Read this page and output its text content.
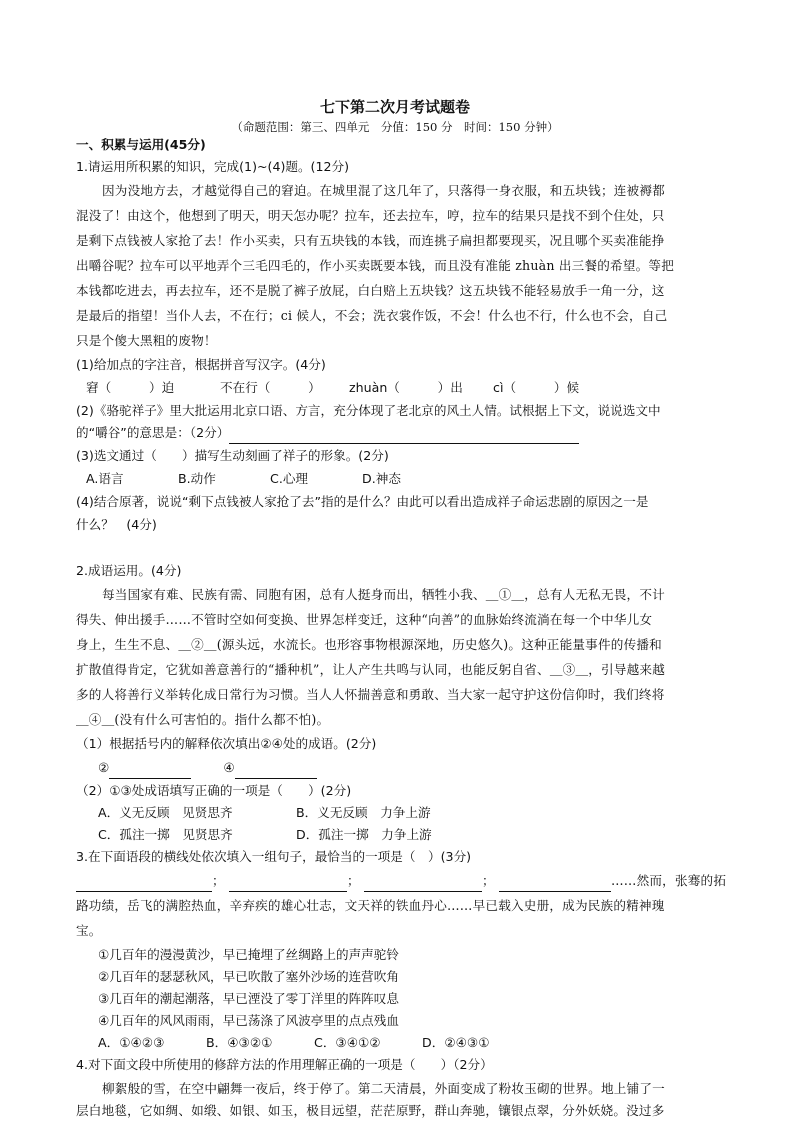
七下第二次月考试题卷
（命题范围：第三、四单元　分值：150 分　时间：150 分钟）
一、积累与运用(45分)
1.请运用所积累的知识，完成(1)~(4)题。(12分)
因为没地方去，才越觉得自己的窘迫。在城里混了这几年了，只落得一身衣服，和五块钱；连被褥都
混没了！由这个，他想到了明天，明天怎办呢？拉车，还去拉车，哼，拉车的结果只是找不到个住处，只
是剩下点钱被人家抢了去！作小买卖，只有五块钱的本钱，而连挑子扁担都要现买，况且哪个买卖准能挣
出嚼谷呢？拉车可以平地弄个三毛四毛的，作小买卖既要本钱，而且没有准能 zhuàn 出三餐的希望。等把
本钱都吃进去，再去拉车，还不是脱了裤子放屁，白白赔上五块钱？这五块钱不能轻易放手一角一分，这
是最后的指望！当仆人去，不在行；ci 候人，不会；洗衣裳作饭，不会！什么也不行，什么也不会，自己
只是个傻大黑粗的废物！
(1)给加点的字注音，根据拼音写汉字。(4分)
窘（　　　）迫	不在行（　　　） zhuàn（　　　）出 cì（　　　）候
(2)《骆驼祥子》里大批运用北京口语、方言，充分体现了老北京的风土人情。试根据上下文，说说选文中
的“嚼谷”的意思是：（2分）
(3)选文通过（　　）描写生动刻画了祥子的形象。(2分)
A.语言	B.动作	C.心理	D.神态
(4)结合原著，说说“剩下点钱被人家抢了去”指的是什么？由此可以看出造成祥子命运悲剧的原因之一是
什么？　(4分)
2.成语运用。(4分)
每当国家有难、民族有需、同胞有困，总有人挺身而出，牺牲小我、＿①＿，总有人无私无畏，不计
得失、伸出援手……不管时空如何变换、世界怎样变迁，这种“向善”的血脉始终流淌在每一个中华儿女
身上，生生不息、＿②＿(源头远，水流长。也形容事物根源深地，历史悠久)。这种正能量事件的传播和
扩散值得肯定，它犹如善意善行的“播种机”，让人产生共鸣与认同，也能反躬自省、＿③＿，引导越来越
多的人将善行义举转化成日常行为习惯。当人人怀揣善意和勇敢、当大家一起守护这份信仰时，我们终将
＿④＿(没有什么可害怕的。指什么都不怕)。
（1）根据括号内的解释依次填出②④处的成语。(2分)
②	④
（2）①③处成语填写正确的一项是（　　）(2分)
A．义无反顾　见贤思齐	B．义无反顾　力争上游
C．孤注一掷　见贤思齐	D．孤注一掷　力争上游
3.在下面语段的横线处依次填入一组句子，最恰当的一项是（　）(3分)
；	；	；	……然而，张骞的拓
路功绩，岳飞的满腔热血，辛弃疾的雄心壮志，文天祥的铁血丹心……早已载入史册，成为民族的精神瑰
宝。
①几百年的漫漫黄沙，早已掩埋了丝绸路上的声声驼铃
②几百年的瑟瑟秋风，早已吹散了塞外沙场的连营吹角
③几百年的潮起潮落，早已湮没了零丁洋里的阵阵叹息
④几百年的风风雨雨，早已荡涤了风波亭里的点点残血
A．①④②③	B．④③②①	C．③④①②	D．②④③①
4.对下面文段中所使用的修辞方法的作用理解正确的一项是（　　）（2分）
柳絮般的雪，在空中翩舞一夜后，终于停了。第二天清晨，外面变成了粉妆玉砌的世界。地上铺了一
层白地毯，它如绸、如缎、如银、如玉，极目远望，茫茫原野，群山奔驰，镶银点翠，分外妖娆。没过多
